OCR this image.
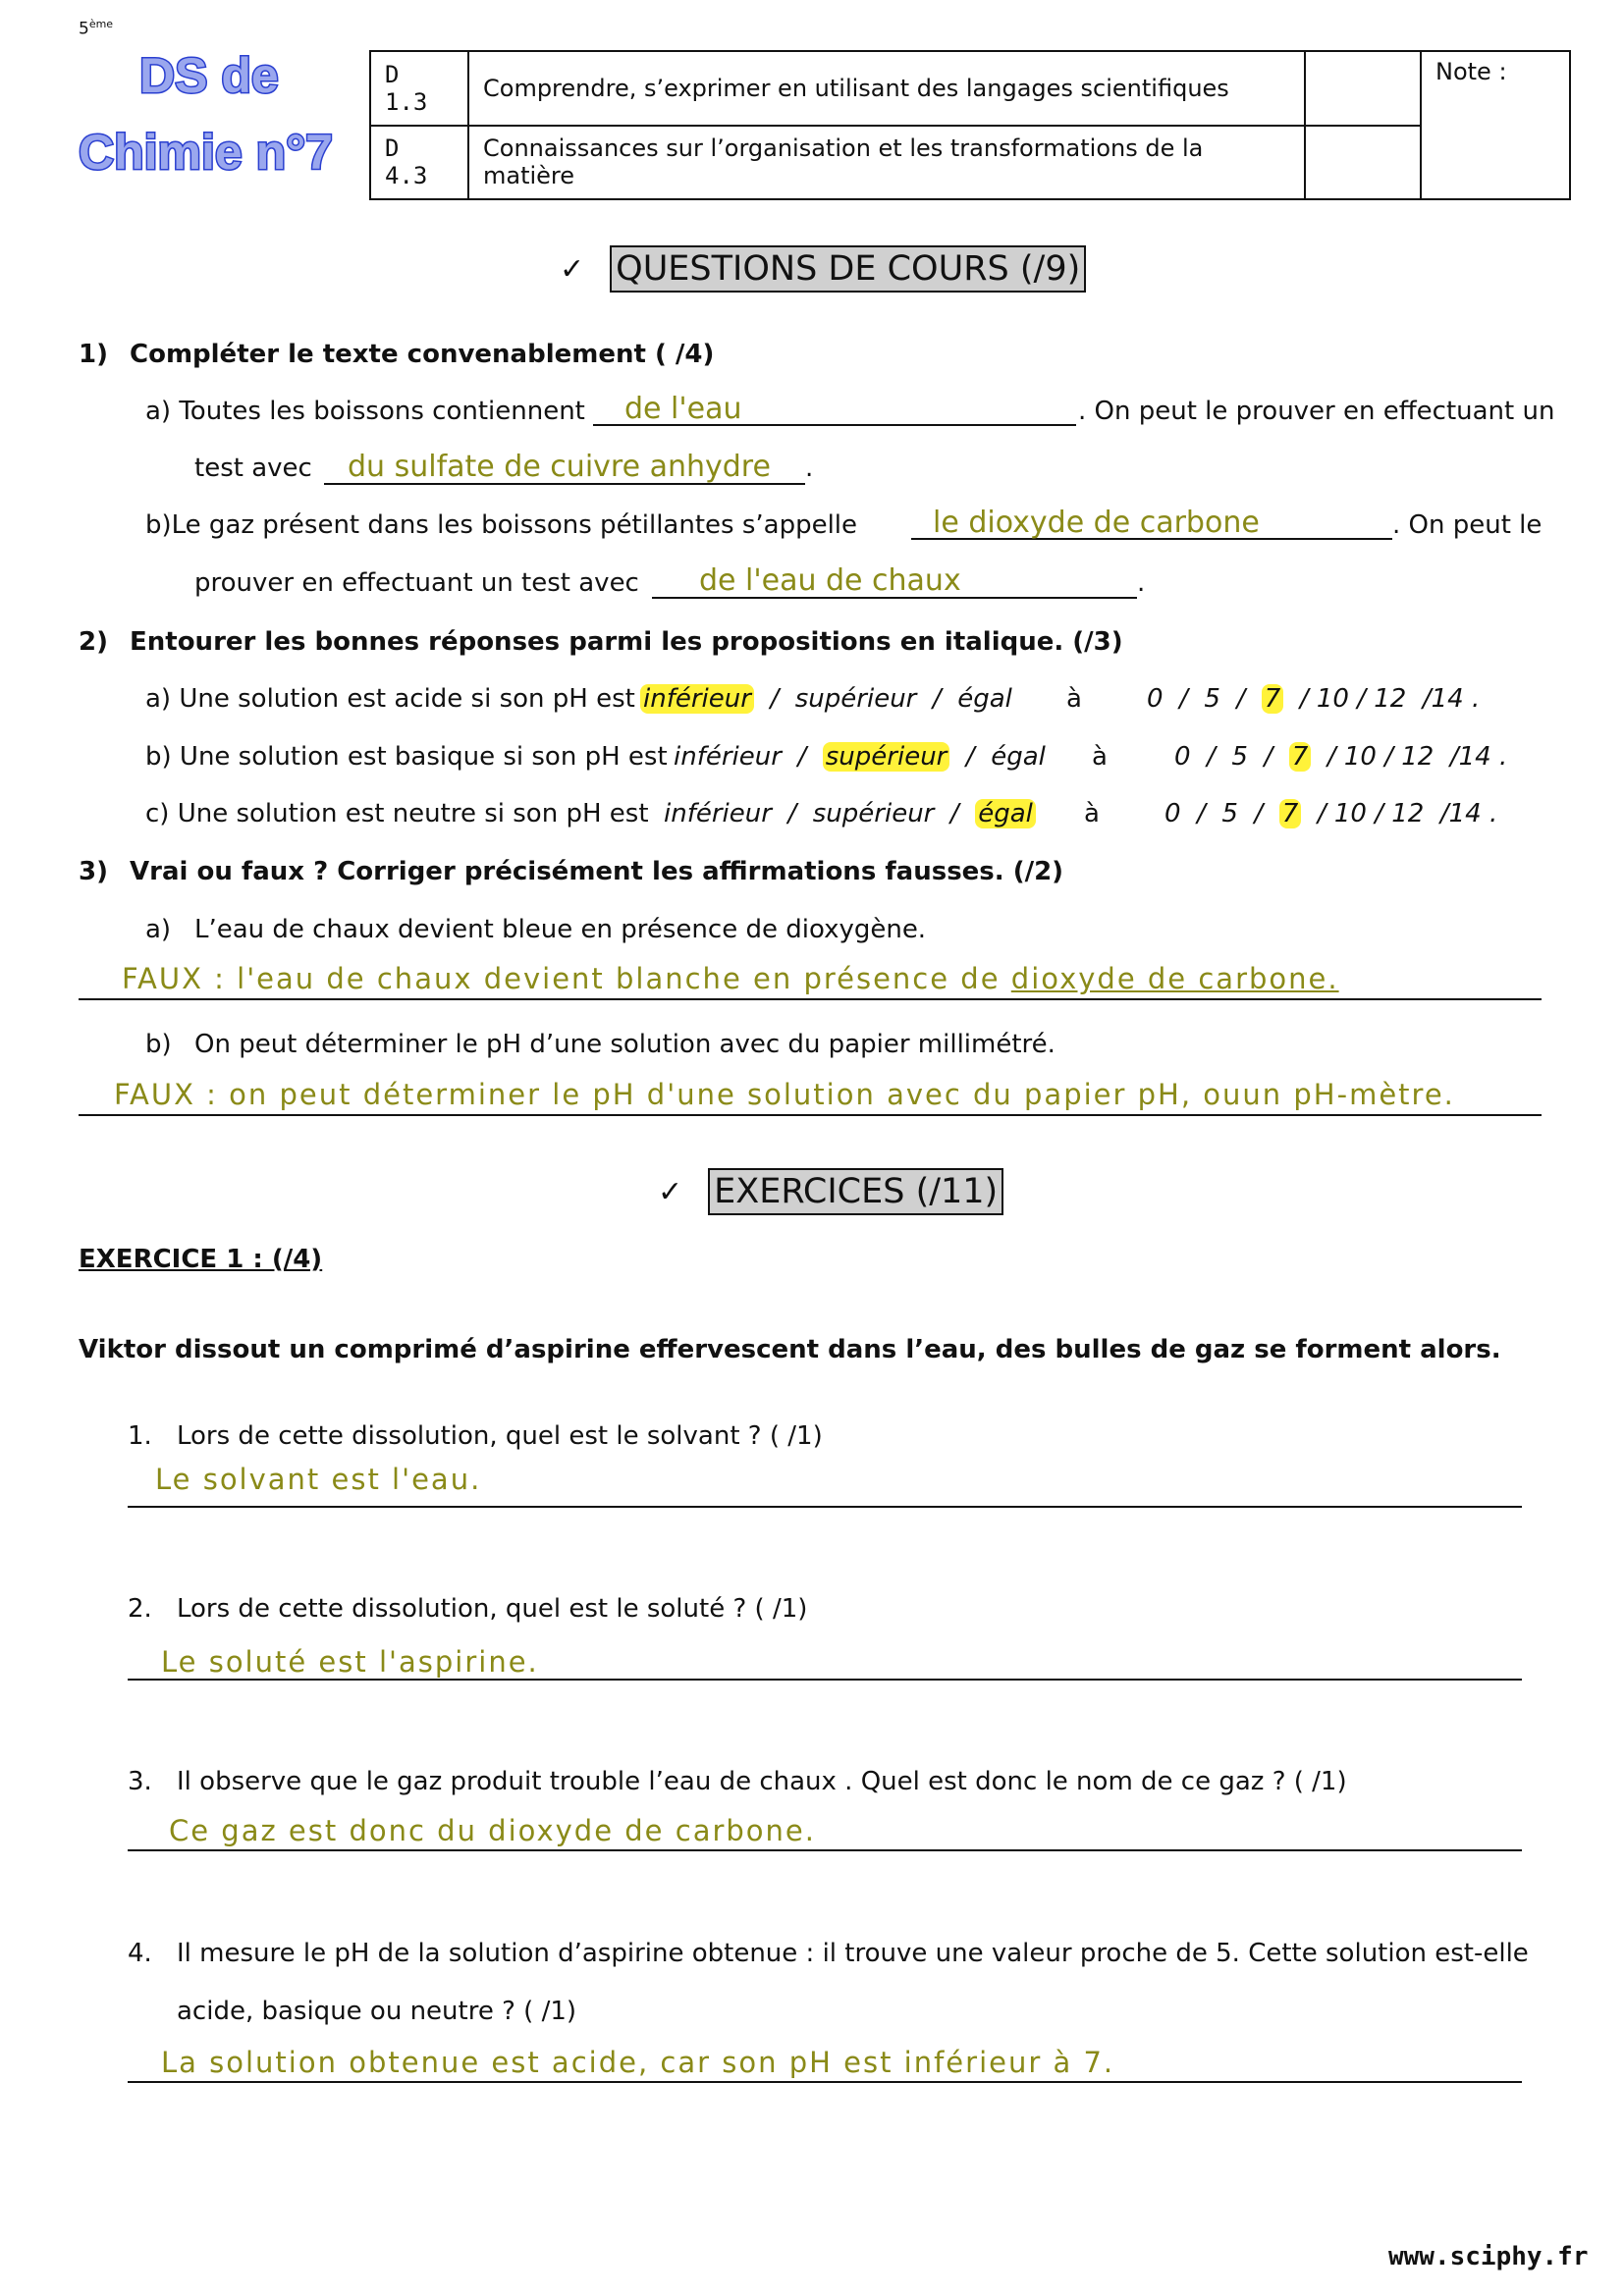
5ème
DS de
Chimie n°7
D 1.3	Comprendre, s’exprimer en utilisant des langages scientifiques		Note :
D 4.3	Connaissances sur l’organisation et les transformations de la matière		
✓ QUESTIONS DE COURS (/9)
1) Compléter le texte convenablement ( /4)
a) Toutes les boissons contiennent de l'eau	. On peut le prouver en effectuant un
test avec du sulfate de cuivre anhydre .
b)Le gaz présent dans les boissons pétillantes s’appelle	le dioxyde de carbone	. On peut le
prouver en effectuant un test avec de l'eau de chaux	.
2) Entourer les bonnes réponses parmi les propositions en italique. (/3)
a) Une solution est acide si son pH est inférieur  /  supérieur  /  égal à	0  /  5  /  7 / 10 / 12  /14 .
b) Une solution est basique si son pH est inférieur  /  supérieur  /  égal à	0  /  5  /  7 / 10 / 12  /14 .
c) Une solution est neutre si son pH est inférieur  /  supérieur  /  égal à	0  /  5  /  7 / 10 / 12  /14 .
3) Vrai ou faux ? Corriger précisément les affirmations fausses. (/2)
a) L’eau de chaux devient bleue en présence de dioxygène.
FAUX : l'eau de chaux devient blanche en présence de dioxyde de carbone.
b) On peut déterminer le pH d’une solution avec du papier millimétré.
FAUX : on peut déterminer le pH d'une solution avec du papier pH, ouun pH-mètre.
✓ EXERCICES (/11)
EXERCICE 1 : (/4)
Viktor dissout un comprimé d’aspirine effervescent dans l’eau, des bulles de gaz se forment alors.
1. Lors de cette dissolution, quel est le solvant ? ( /1)
Le solvant est l'eau.
2. Lors de cette dissolution, quel est le soluté ? ( /1)
Le soluté est l'aspirine.
3. Il observe que le gaz produit trouble l’eau de chaux . Quel est donc le nom de ce gaz ? ( /1)
Ce gaz est donc du dioxyde de carbone.
4. Il mesure le pH de la solution d’aspirine obtenue : il trouve une valeur proche de 5. Cette solution est-elle
acide, basique ou neutre ? ( /1)
La solution obtenue est acide, car son pH est inférieur à 7.
www.sciphy.fr
